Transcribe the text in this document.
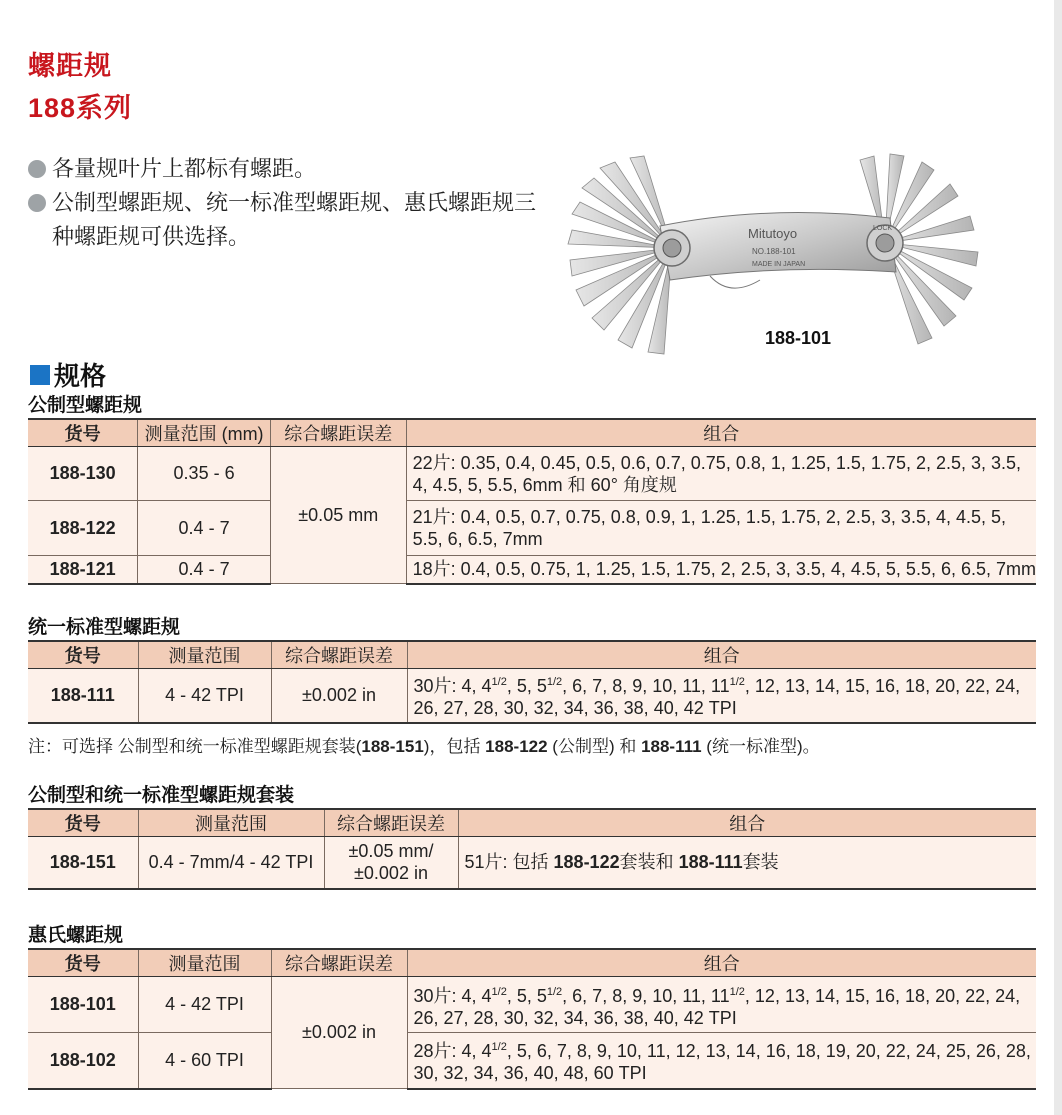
螺距规
188系列
各量规叶片上都标有螺距。
公制型螺距规、统一标准型螺距规、惠氏螺距规三种螺距规可供选择。	Mitutoyo
NO.188-101
MADE IN JAPAN
LOCK
188-101
规格
公制型螺距规
货号	测量范围 (mm)	综合螺距误差	组合
188-130	0.35 - 6	±0.05 mm	22片: 0.35, 0.4, 0.45, 0.5, 0.6, 0.7, 0.75, 0.8, 1, 1.25, 1.5, 1.75, 2, 2.5, 3, 3.5, 4, 4.5, 5, 5.5, 6mm 和 60° 角度规
188-122	0.4 - 7		21片: 0.4, 0.5, 0.7, 0.75, 0.8, 0.9, 1, 1.25, 1.5, 1.75, 2, 2.5, 3, 3.5, 4, 4.5, 5, 5.5, 6, 6.5, 7mm
188-121	0.4 - 7		18片: 0.4, 0.5, 0.75, 1, 1.25, 1.5, 1.75, 2, 2.5, 3, 3.5, 4, 4.5, 5, 5.5, 6, 6.5, 7mm
统一标准型螺距规
货号	测量范围	综合螺距误差	组合
188-111	4 - 42 TPI	±0.002 in	30片: 4, $4^{1/2}$, 5, $5^{1/2}$, 6, 7, 8, 9, 10, 11, $11^{1/2}$, 12, 13, 14, 15, 16, 18, 20, 22, 24, 26, 27, 28, 30, 32, 34, 36, 38, 40, 42 TPI
注：可选择 公制型和统一标准型螺距规套装(188-151)，包括 188-122 (公制型) 和 188-111 (统一标准型)。
公制型和统一标准型螺距规套装
货号	测量范围	综合螺距误差	组合
188-151	0.4 - 7mm/4 - 42 TPI	±0.05 mm/
±0.002 in	51片: 包括 188-122套装和 188-111套装
惠氏螺距规
货号	测量范围	综合螺距误差	组合
188-101	4 - 42 TPI	±0.002 in	30片: 4, $4^{1/2}$, 5, $5^{1/2}$, 6, 7, 8, 9, 10, 11, $11^{1/2}$, 12, 13, 14, 15, 16, 18, 20, 22, 24, 26, 27, 28, 30, 32, 34, 36, 38, 40, 42 TPI
188-102	4 - 60 TPI		28片: 4, $4^{1/2}$, 5, 6, 7, 8, 9, 10, 11, 12, 13, 14, 16, 18, 19, 20, 22, 24, 25, 26, 28, 30, 32, 34, 36, 40, 48, 60 TPI
